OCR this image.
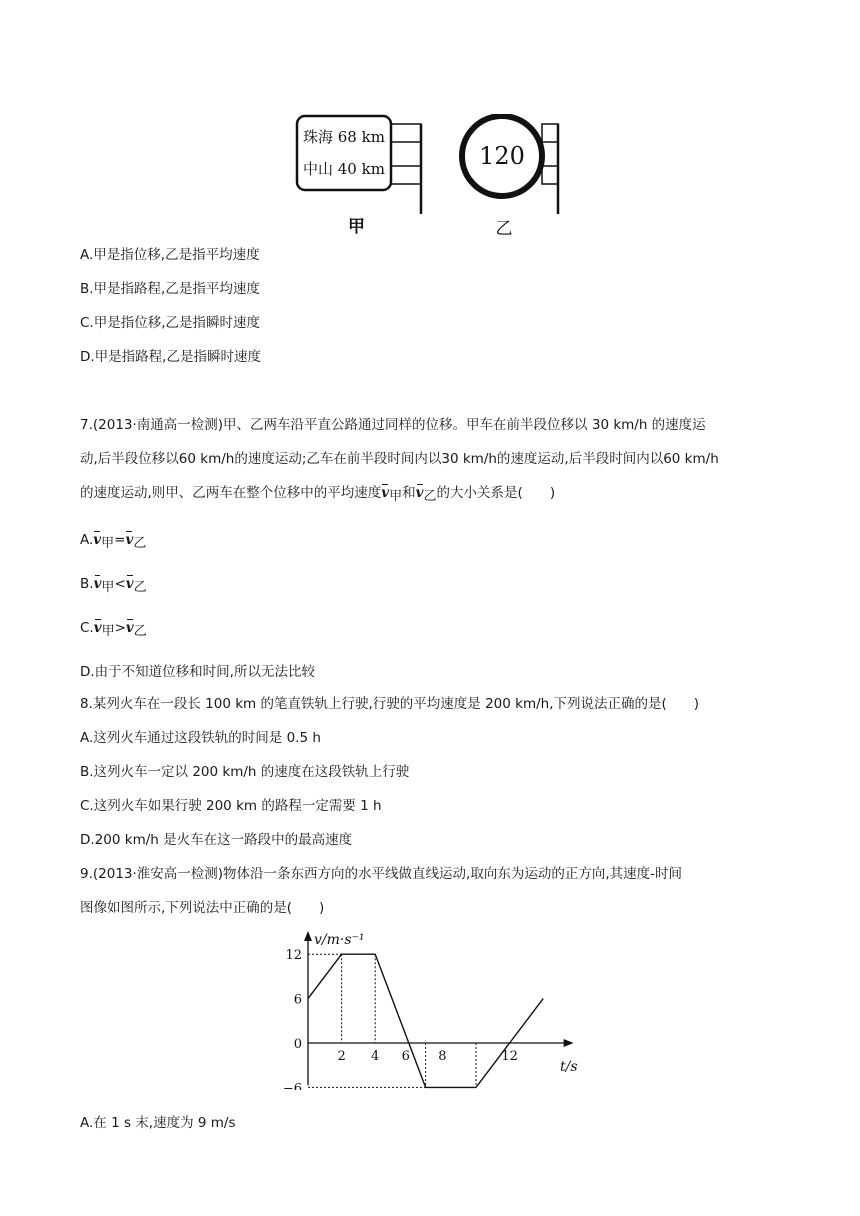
珠海 68 km
中山 40 km
甲
120
乙
A.甲是指位移,乙是指平均速度
B.甲是指路程,乙是指平均速度
C.甲是指位移,乙是指瞬时速度
D.甲是指路程,乙是指瞬时速度
7.(2013·南通高一检测)甲、乙两车沿平直公路通过同样的位移。甲车在前半段位移以 30 km/h 的速度运
动,后半段位移以60 km/h的速度运动;乙车在前半段时间内以30 km/h的速度运动,后半段时间内以60 km/h
的速度运动,则甲、乙两车在整个位移中的平均速度v甲和v乙的大小关系是(　　)
A.v甲=v乙
B.v甲<v乙
C.v甲>v乙
D.由于不知道位移和时间,所以无法比较
8.某列火车在一段长 100 km 的笔直铁轨上行驶,行驶的平均速度是 200 km/h,下列说法正确的是(　　)
A.这列火车通过这段铁轨的时间是 0.5 h
B.这列火车一定以 200 km/h 的速度在这段铁轨上行驶
C.这列火车如果行驶 200 km 的路程一定需要 1 h
D.200 km/h 是火车在这一路段中的最高速度
9.(2013·淮安高一检测)物体沿一条东西方向的水平线做直线运动,取向东为运动的正方向,其速度-时间
图像如图所示,下列说法中正确的是(　　)
2 4 6 8	12
12
6
0
−6
v/m·s⁻¹
t/s
A.在 1 s 末,速度为 9 m/s
